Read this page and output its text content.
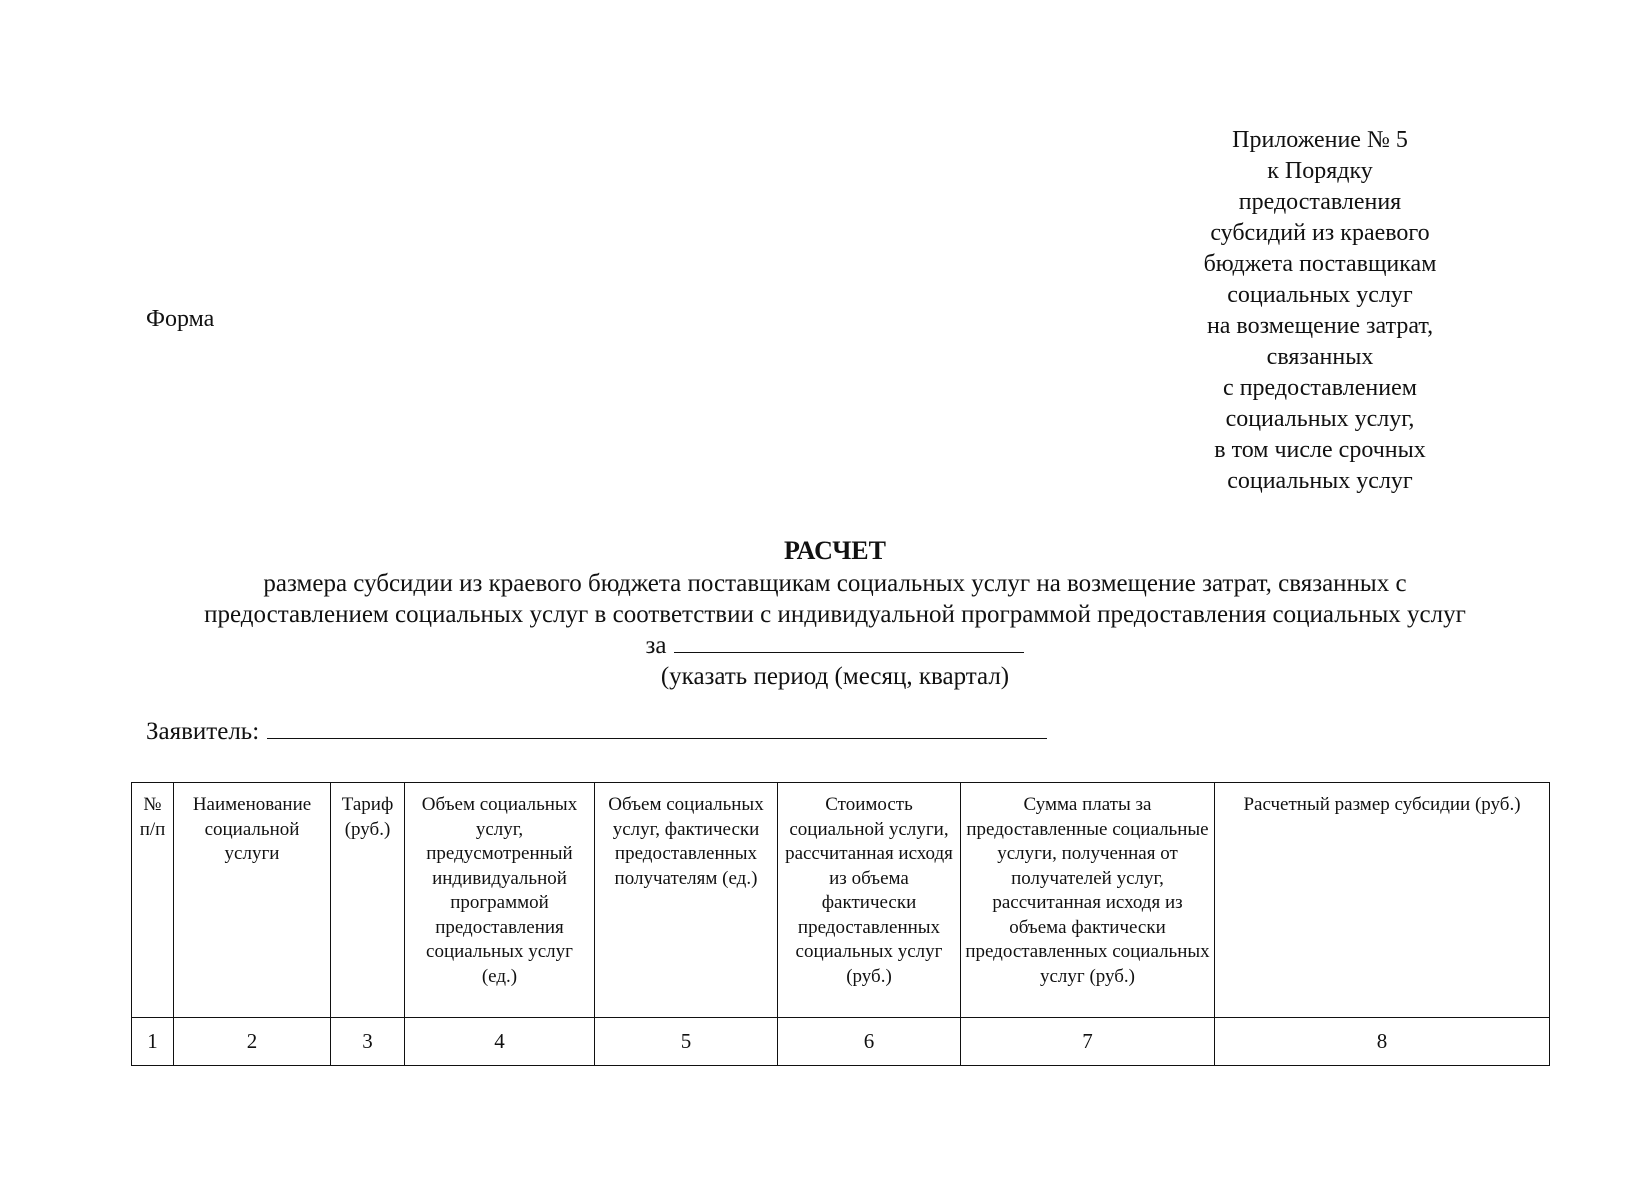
Приложение № 5
к Порядку
предоставления
субсидий из краевого
бюджета поставщикам
социальных услуг
на возмещение затрат,
связанных
с предоставлением
социальных услуг,
в том числе срочных
социальных услуг
Форма
РАСЧЕТ
размера субсидии из краевого бюджета поставщикам социальных услуг на возмещение затрат, связанных с
предоставлением социальных услуг в соответствии с индивидуальной программой предоставления социальных услуг
за
(указать период (месяц, квартал)
Заявитель:
№ п/п	Наименование социальной услуги	Тариф (руб.)	Объем социальных услуг, предусмотренный индивидуальной программой предоставления социальных услуг (ед.)	Объем социальных услуг, фактически предоставленных получателям (ед.)	Стоимость социальной услуги, рассчитанная исходя из объема фактически предоставленных социальных услуг (руб.)	Сумма платы за предоставленные социальные услуги, полученная от получателей услуг, рассчитанная исходя из объема фактически предоставленных социальных услуг (руб.)	Расчетный размер субсидии (руб.)
1	2	3	4	5	6	7	8
